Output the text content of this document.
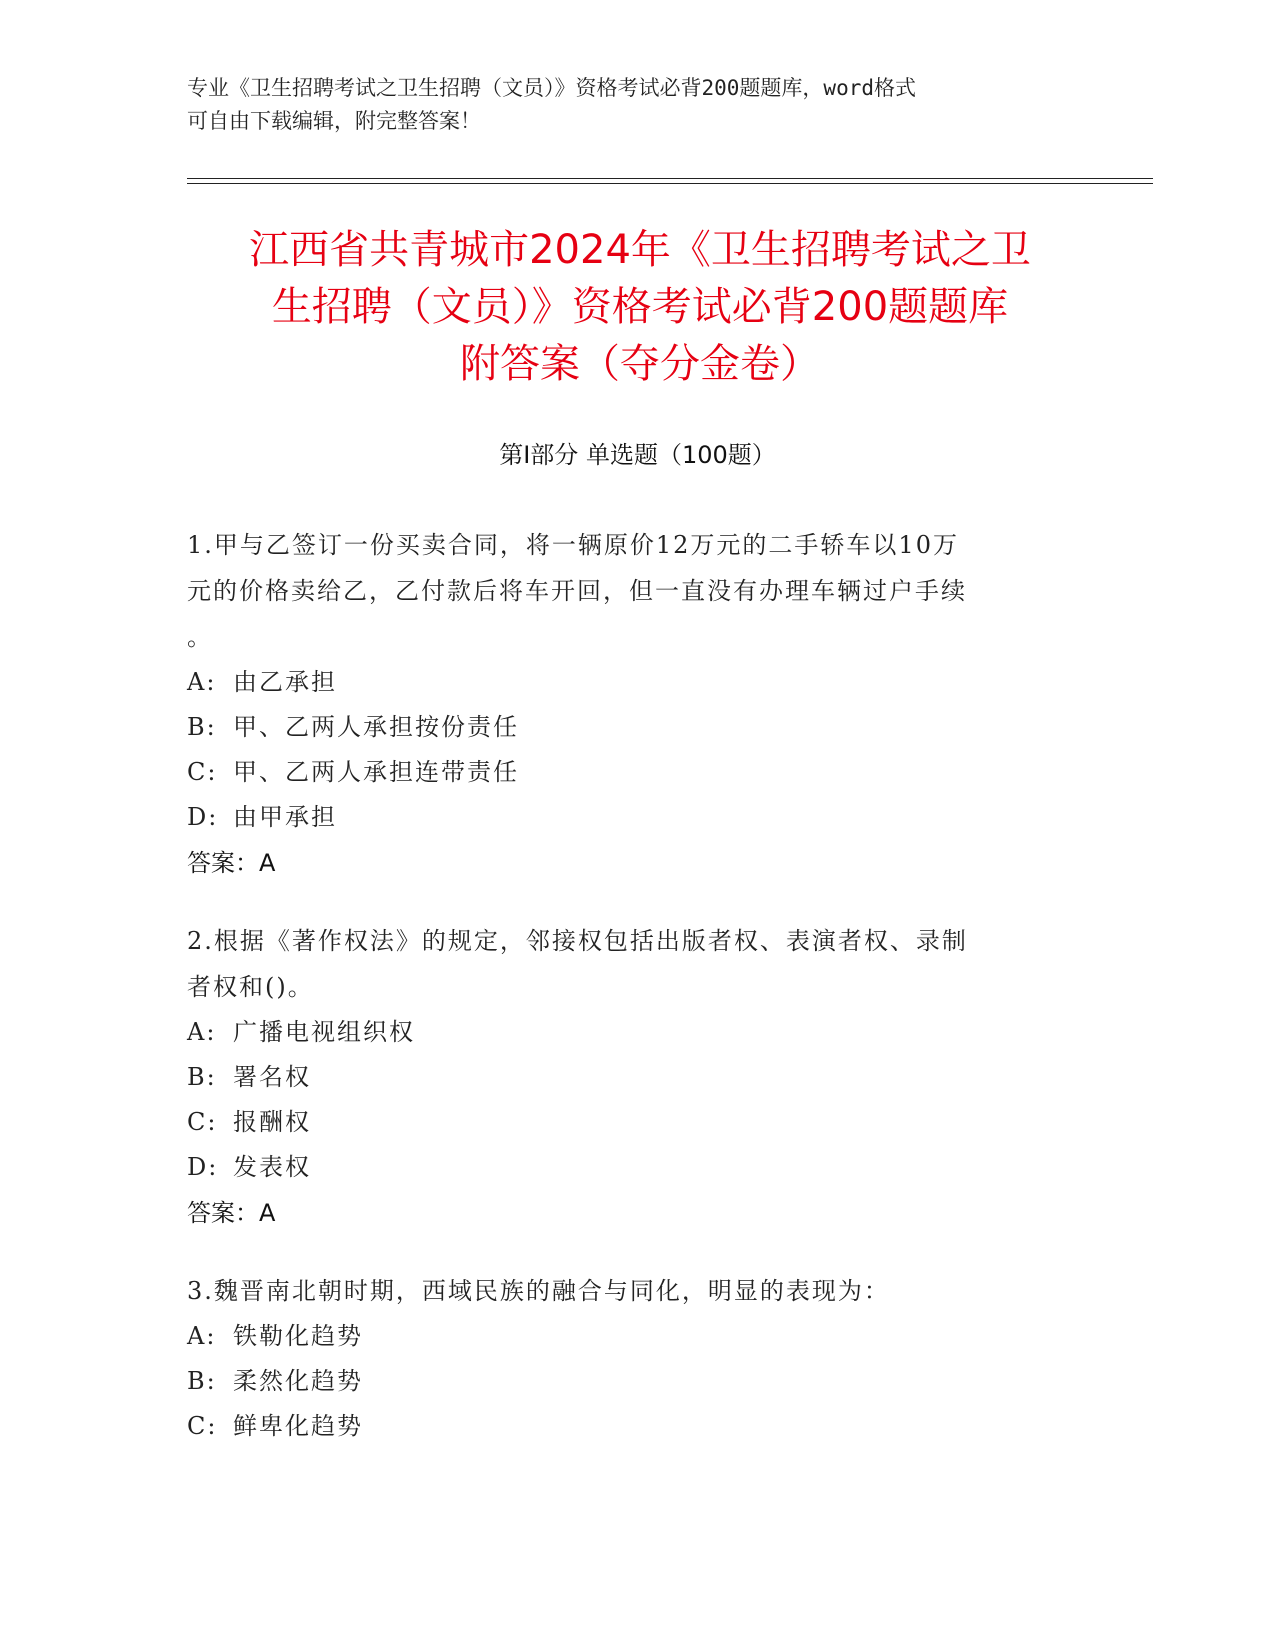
专业《卫生招聘考试之卫生招聘（文员）》资格考试必背200题题库，word格式
可自由下载编辑，附完整答案！
江西省共青城市2024年《卫生招聘考试之卫
生招聘（文员）》资格考试必背200题题库
附答案（夺分金卷）
第Ⅰ部分 单选题（100题）
1.甲与乙签订一份买卖合同，将一辆原价12万元的二手轿车以10万
元的价格卖给乙，乙付款后将车开回，但一直没有办理车辆过户手续
。
A: 由乙承担
B: 甲、乙两人承担按份责任
C: 甲、乙两人承担连带责任
D: 由甲承担
答案：A
2.根据《著作权法》的规定，邻接权包括出版者权、表演者权、录制
者权和()。
A: 广播电视组织权
B: 署名权
C: 报酬权
D: 发表权
答案：A
3.魏晋南北朝时期，西域民族的融合与同化，明显的表现为：
A: 铁勒化趋势
B: 柔然化趋势
C: 鲜卑化趋势
